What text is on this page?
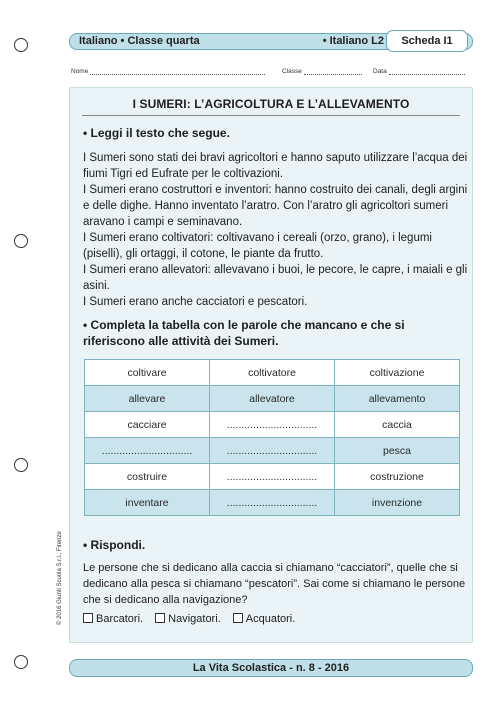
Italiano • Classe quarta	• Italiano L2	Scheda I1
Nome	Classe	Data
I SUMERI: L’AGRICOLTURA E L’ALLEVAMENTO
• Leggi il testo che segue.

I Sumeri sono stati dei bravi agricoltori e hanno saputo utilizzare l’acqua dei fiumi Tigri ed Eufrate per le coltivazioni.

I Sumeri erano costruttori e inventori: hanno costruito dei canali, degli argini e delle dighe. Hanno inventato l’aratro. Con l’aratro gli agricoltori sumeri aravano i campi e seminavano.

I Sumeri erano coltivatori: coltivavano i cereali (orzo, grano), i legumi (piselli), gli ortaggi, il cotone, le piante da frutto.

I Sumeri erano allevatori: allevavano i buoi, le pecore, le capre, i maiali e gli asini.

I Sumeri erano anche cacciatori e pescatori.

• Completa la tabella con le parole che mancano e che si riferiscono alle attività dei Sumeri.
coltivare	coltivatore	coltivazione
allevare	allevatore	allevamento
cacciare	...............................	caccia
...............................	...............................	pesca
costruire	...............................	costruzione
inventare	...............................	invenzione
• Rispondi.
Le persone che si dedicano alla caccia si chiamano “cacciatori”, quelle che si dedicano alla pesca si chiamano “pescatori”. Sai come si chiamano le persone che si dedicano alla navigazione?
Barcatori. Navigatori. Acquatori.
© 2016 Giunti Scuola S.r.l., Firenze
La Vita Scolastica - n. 8 - 2016
